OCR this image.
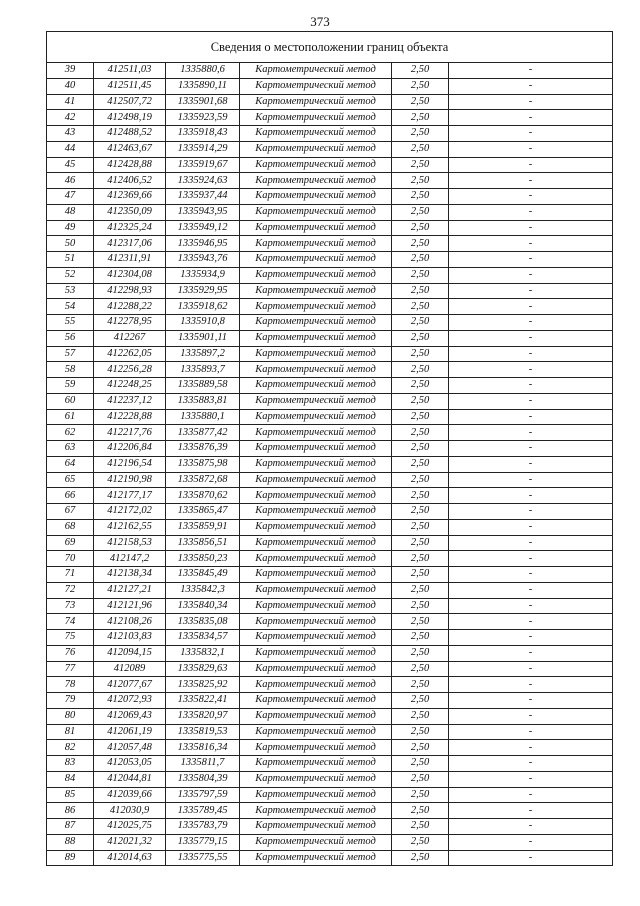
373
Сведения о местоположении границ объекта					
39	412511,03	1335880,6	Картометрический метод	2,50	-
40	412511,45	1335890,11	Картометрический метод	2,50	-
41	412507,72	1335901,68	Картометрический метод	2,50	-
42	412498,19	1335923,59	Картометрический метод	2,50	-
43	412488,52	1335918,43	Картометрический метод	2,50	-
44	412463,67	1335914,29	Картометрический метод	2,50	-
45	412428,88	1335919,67	Картометрический метод	2,50	-
46	412406,52	1335924,63	Картометрический метод	2,50	-
47	412369,66	1335937,44	Картометрический метод	2,50	-
48	412350,09	1335943,95	Картометрический метод	2,50	-
49	412325,24	1335949,12	Картометрический метод	2,50	-
50	412317,06	1335946,95	Картометрический метод	2,50	-
51	412311,91	1335943,76	Картометрический метод	2,50	-
52	412304,08	1335934,9	Картометрический метод	2,50	-
53	412298,93	1335929,95	Картометрический метод	2,50	-
54	412288,22	1335918,62	Картометрический метод	2,50	-
55	412278,95	1335910,8	Картометрический метод	2,50	-
56	412267	1335901,11	Картометрический метод	2,50	-
57	412262,05	1335897,2	Картометрический метод	2,50	-
58	412256,28	1335893,7	Картометрический метод	2,50	-
59	412248,25	1335889,58	Картометрический метод	2,50	-
60	412237,12	1335883,81	Картометрический метод	2,50	-
61	412228,88	1335880,1	Картометрический метод	2,50	-
62	412217,76	1335877,42	Картометрический метод	2,50	-
63	412206,84	1335876,39	Картометрический метод	2,50	-
64	412196,54	1335875,98	Картометрический метод	2,50	-
65	412190,98	1335872,68	Картометрический метод	2,50	-
66	412177,17	1335870,62	Картометрический метод	2,50	-
67	412172,02	1335865,47	Картометрический метод	2,50	-
68	412162,55	1335859,91	Картометрический метод	2,50	-
69	412158,53	1335856,51	Картометрический метод	2,50	-
70	412147,2	1335850,23	Картометрический метод	2,50	-
71	412138,34	1335845,49	Картометрический метод	2,50	-
72	412127,21	1335842,3	Картометрический метод	2,50	-
73	412121,96	1335840,34	Картометрический метод	2,50	-
74	412108,26	1335835,08	Картометрический метод	2,50	-
75	412103,83	1335834,57	Картометрический метод	2,50	-
76	412094,15	1335832,1	Картометрический метод	2,50	-
77	412089	1335829,63	Картометрический метод	2,50	-
78	412077,67	1335825,92	Картометрический метод	2,50	-
79	412072,93	1335822,41	Картометрический метод	2,50	-
80	412069,43	1335820,97	Картометрический метод	2,50	-
81	412061,19	1335819,53	Картометрический метод	2,50	-
82	412057,48	1335816,34	Картометрический метод	2,50	-
83	412053,05	1335811,7	Картометрический метод	2,50	-
84	412044,81	1335804,39	Картометрический метод	2,50	-
85	412039,66	1335797,59	Картометрический метод	2,50	-
86	412030,9	1335789,45	Картометрический метод	2,50	-
87	412025,75	1335783,79	Картометрический метод	2,50	-
88	412021,32	1335779,15	Картометрический метод	2,50	-
89	412014,63	1335775,55	Картометрический метод	2,50	-
